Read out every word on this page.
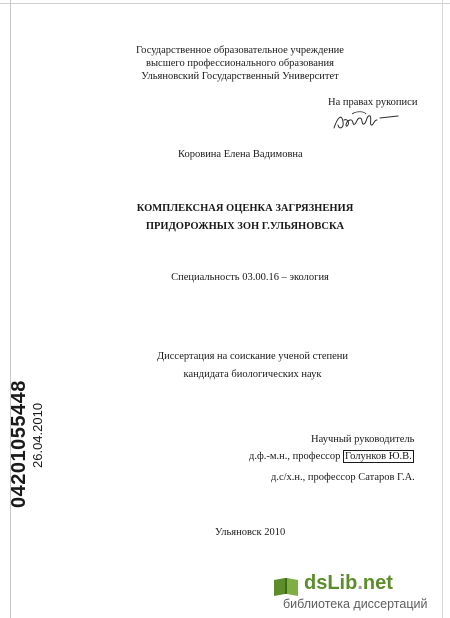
Государственное образовательное учреждение
высшего профессионального образования
Ульяновский Государственный Университет
На правах рукописи
Коровина Елена Вадимовна
КОМПЛЕКСНАЯ ОЦЕНКА ЗАГРЯЗНЕНИЯ
ПРИДОРОЖНЫХ ЗОН Г.УЛЬЯНОВСКА
Специальность 03.00.16 – экология
Диссертация на соискание ученой степени
кандидата биологических наук
04201055448 26.04.2010	Научный руководитель
д.ф.-м.н., профессор Голунков Ю.В.
д.с/х.н., профессор Сатаров Г.А.
Ульяновск 2010
dsLib.net
библиотека диссертаций
